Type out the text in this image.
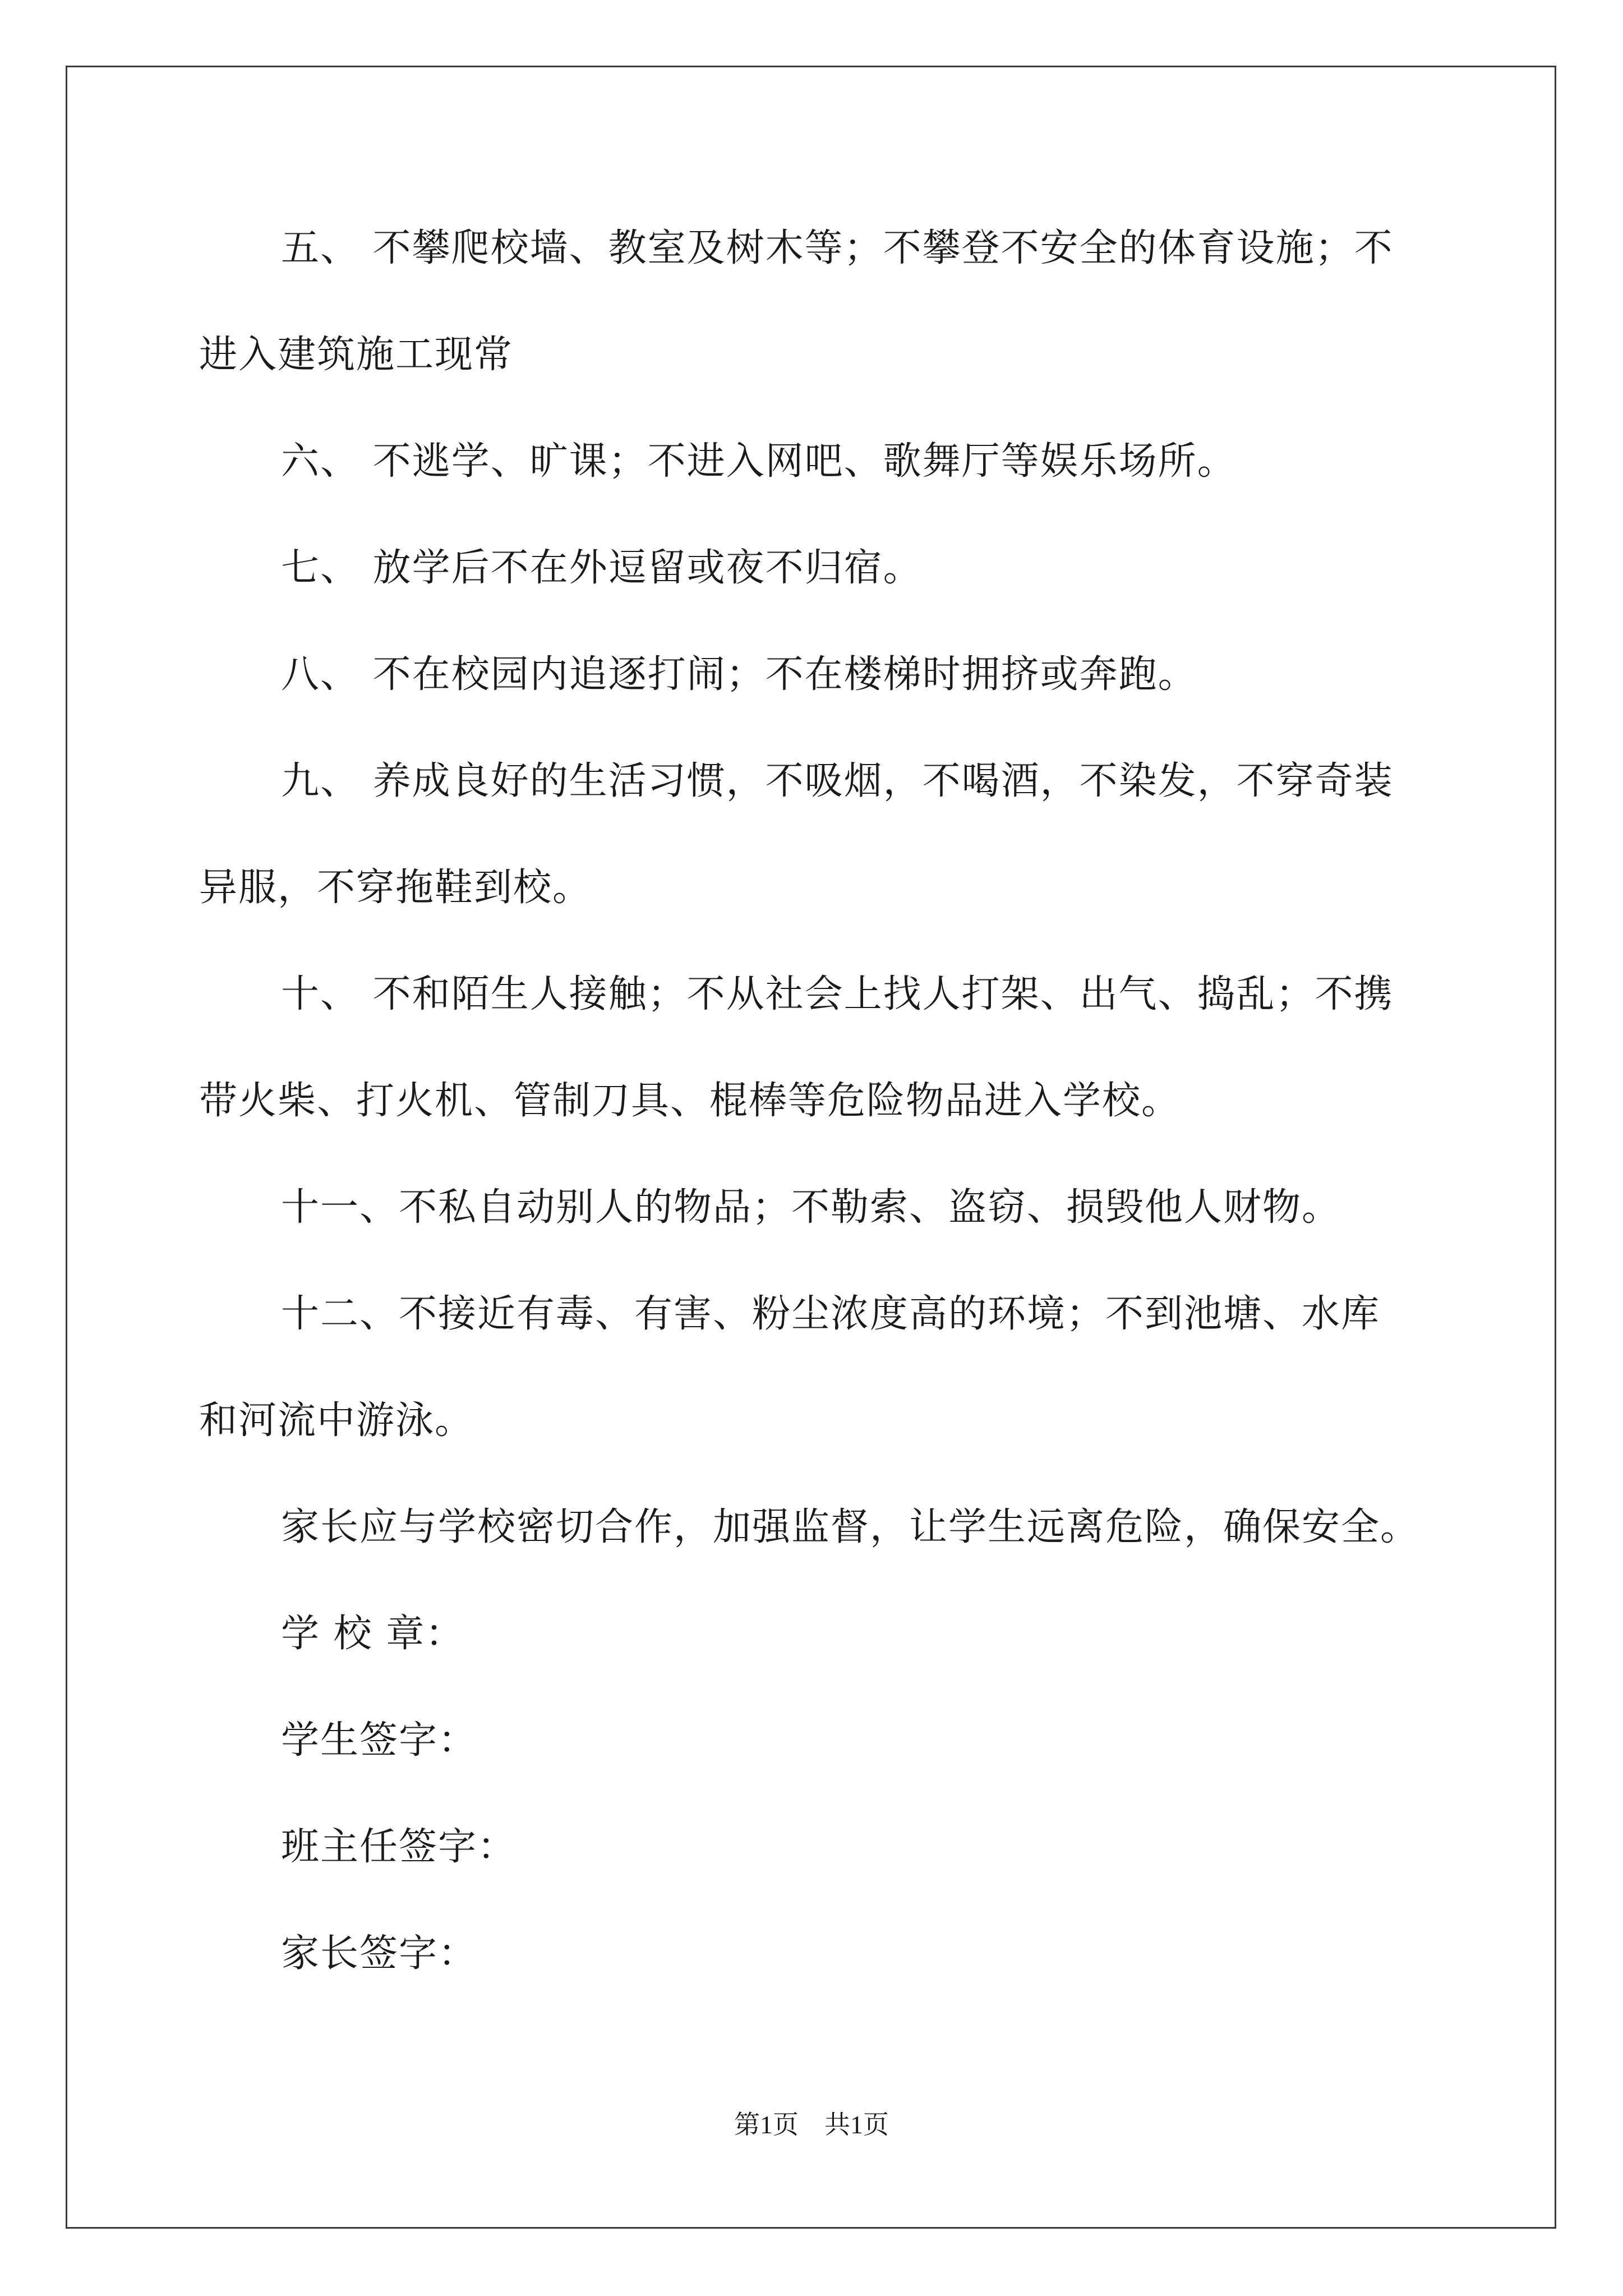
五、 不攀爬校墙、教室及树木等；不攀登不安全的体育设施；不

进入建筑施工现常

六、 不逃学、旷课；不进入网吧、歌舞厅等娱乐场所。

七、 放学后不在外逗留或夜不归宿。

八、 不在校园内追逐打闹；不在楼梯时拥挤或奔跑。

九、 养成良好的生活习惯，不吸烟，不喝酒，不染发，不穿奇装

异服，不穿拖鞋到校。

十、 不和陌生人接触；不从社会上找人打架、出气、捣乱；不携

带火柴、打火机、管制刀具、棍棒等危险物品进入学校。

十一、不私自动别人的物品；不勒索、盗窃、损毁他人财物。

十二、不接近有毒、有害、粉尘浓度高的环境；不到池塘、水库

和河流中游泳。

家长应与学校密切合作，加强监督，让学生远离危险，确保安全。

学 校 章：

学生签字：

班主任签字：

家长签字：

第1页　共1页
